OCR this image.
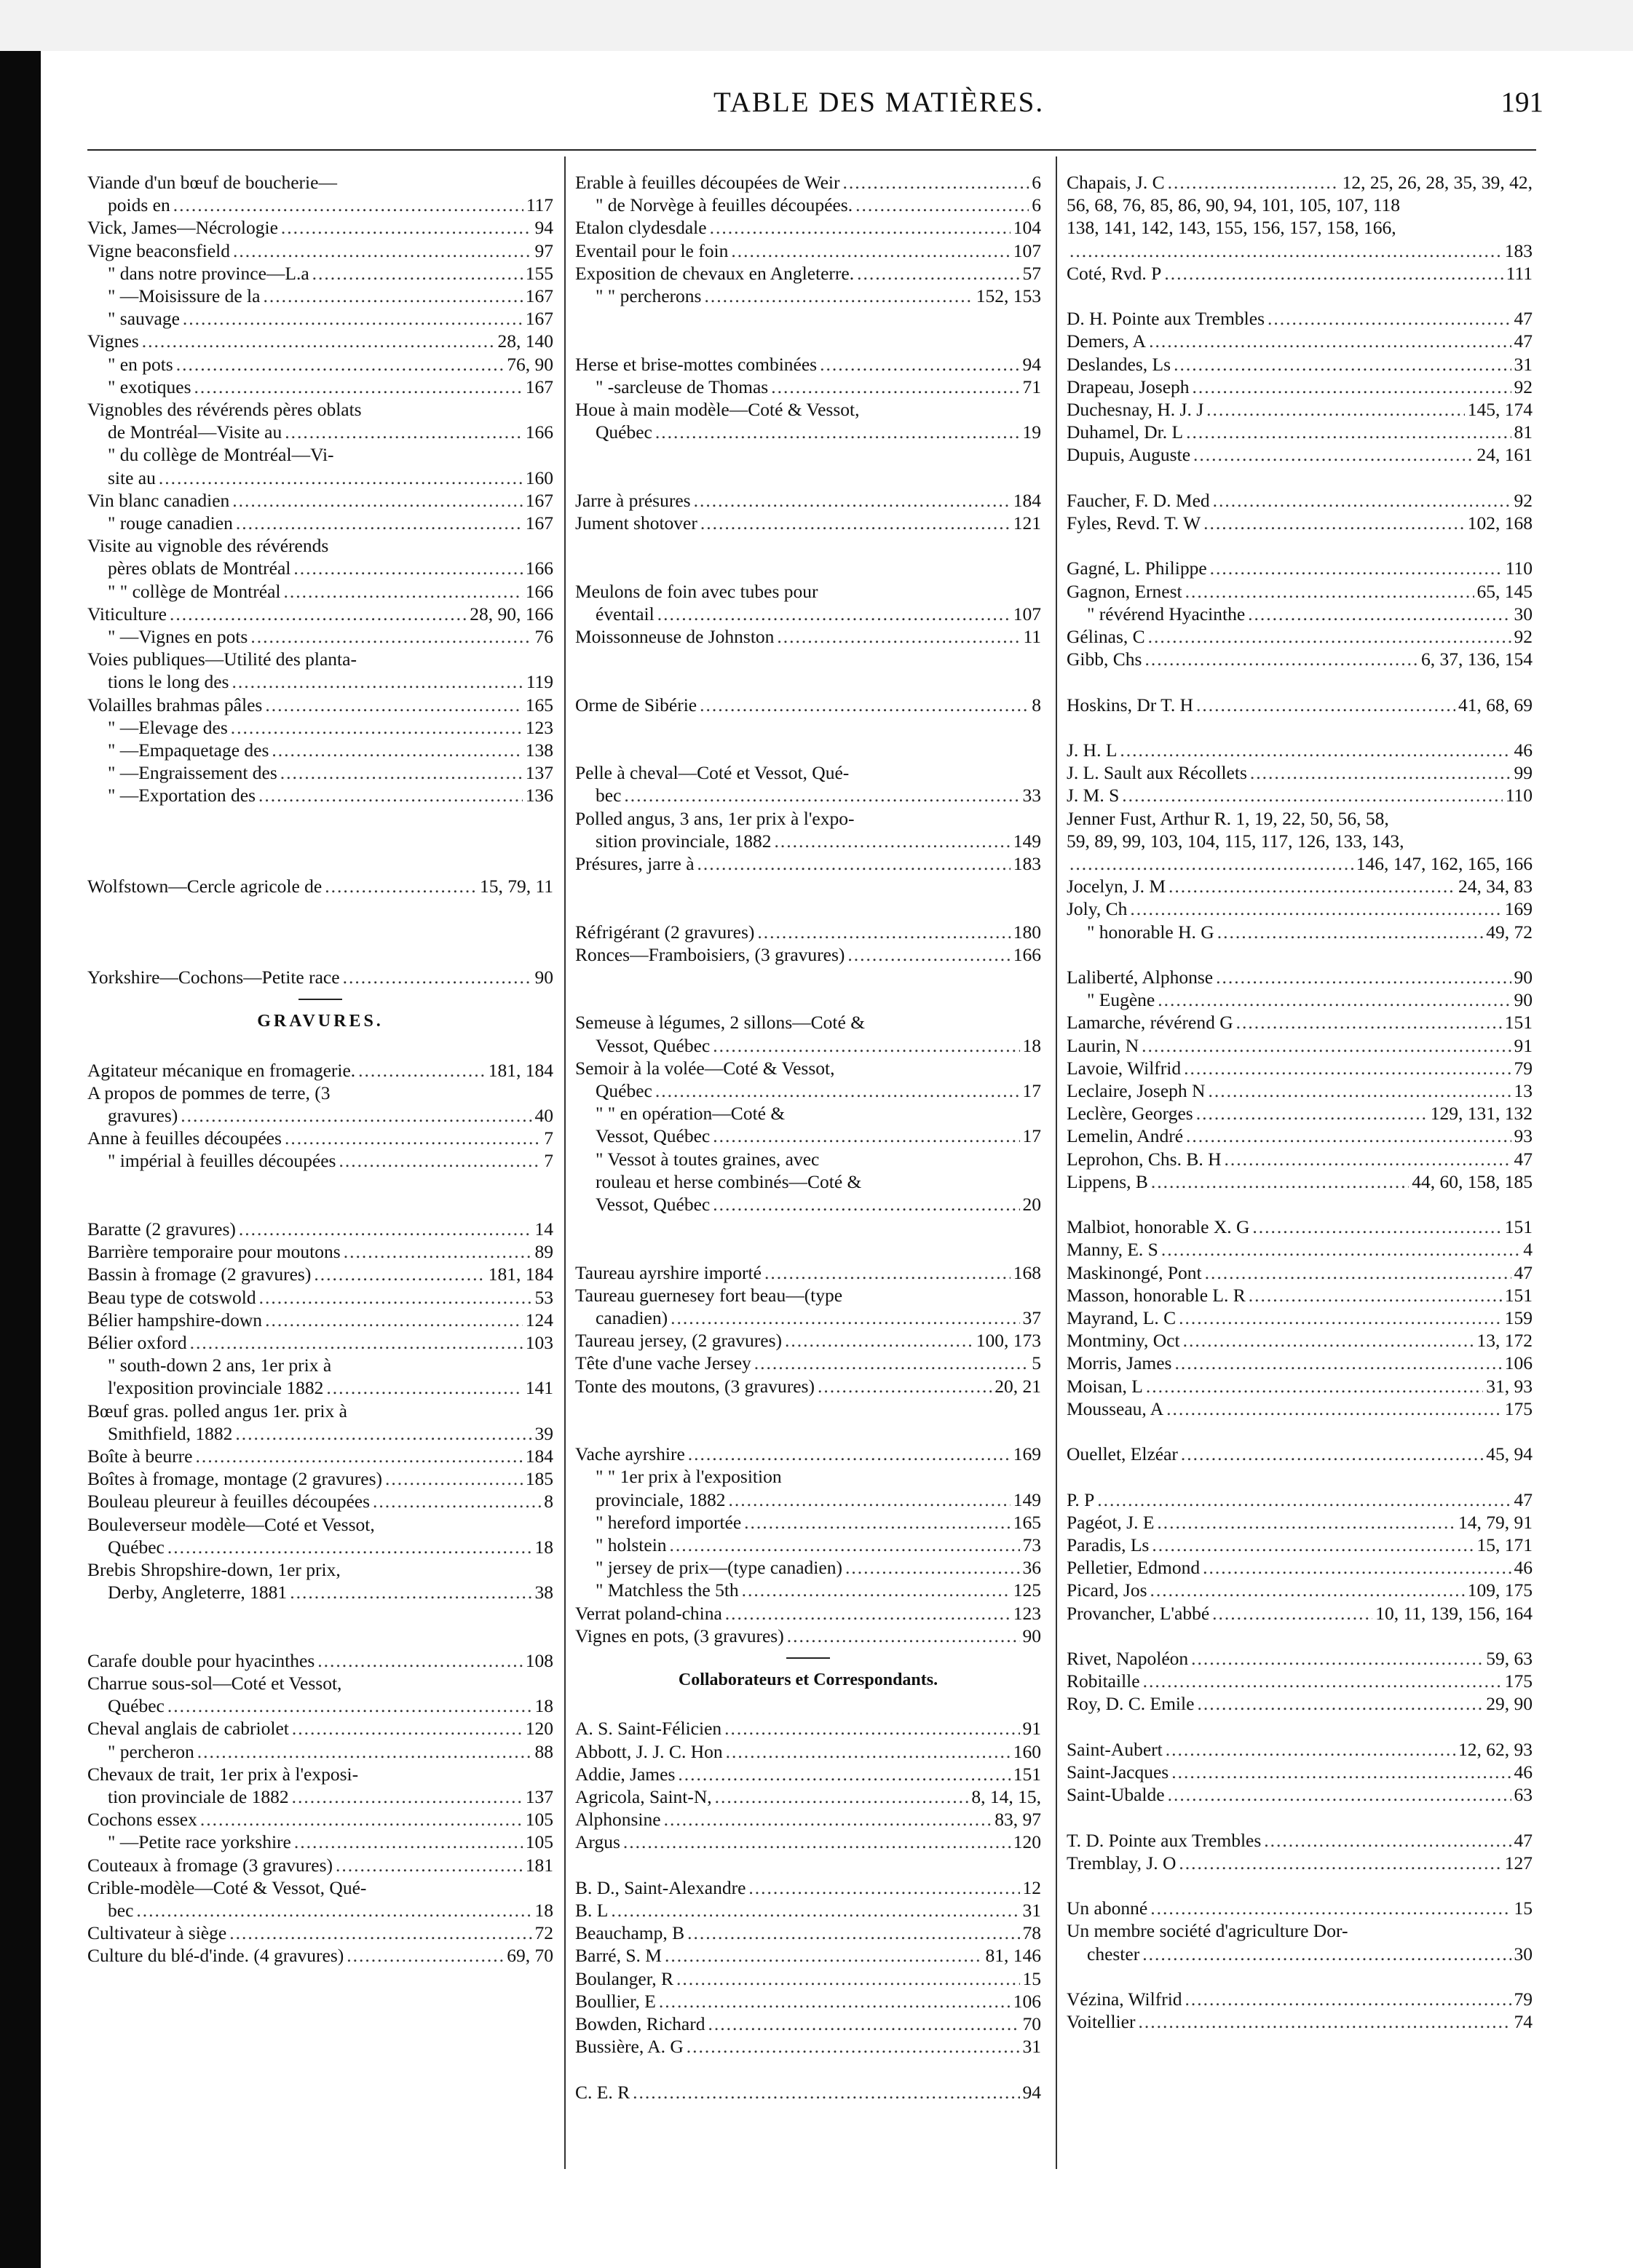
TABLE DES MATIÈRES.	191
Viande d'un bœuf de boucherie—
poids en .....	117
Vick, James—Nécrologie .....	94
Vigne beaconsfield .....	97
" dans notre province—L.a .....	155
" —Moisissure de la .....	167
" sauvage .....	167
Vignes .....	28, 140
" en pots .....	76, 90
" exotiques .....	167
Vignobles des révérends pères oblats
de Montréal—Visite au .....	166
" du collège de Montréal—Vi-
site au .....	160
Vin blanc canadien .....	167
" rouge canadien .....	167
Visite au vignoble des révérends
pères oblats de Montréal .....	166
" " collège de Montréal .....	166
Viticulture .....	28, 90, 166
" —Vignes en pots .....	76
Voies publiques—Utilité des planta-
tions le long des .....	119
Volailles brahmas pâles .....	165
" —Elevage des .....	123
" —Empaquetage des .....	138
" —Engraissement des .....	137
" —Exportation des .....	136
Wolfstown—Cercle agricole de .....	15, 79, 11
Yorkshire—Cochons—Petite race .....	90
GRAVURES.
Agitateur mécanique en fromagerie. .....	181, 184
A propos de pommes de terre, (3
gravures) .....	40
Anne à feuilles découpées .....	7
" impérial à feuilles découpées .....	7
Baratte (2 gravures) .....	14
Barrière temporaire pour moutons .....	89
Bassin à fromage (2 gravures) .....	181, 184
Beau type de cotswold .....	53
Bélier hampshire-down .....	124
Bélier oxford .....	103
" south-down 2 ans, 1er prix à
l'exposition provinciale 1882 .....	141
Bœuf gras. polled angus 1er. prix à
Smithfield, 1882 .....	39
Boîte à beurre .....	184
Boîtes à fromage, montage (2 gravures) .....	185
Bouleau pleureur à feuilles découpées .....	8
Bouleverseur modèle—Coté et Vessot,
Québec .....	18
Brebis Shropshire-down, 1er prix,
Derby, Angleterre, 1881 .....	38
Carafe double pour hyacinthes .....	108
Charrue sous-sol—Coté et Vessot,
Québec .....	18
Cheval anglais de cabriolet .....	120
" percheron .....	88
Chevaux de trait, 1er prix à l'exposi-
tion provinciale de 1882 .....	137
Cochons essex .....	105
" —Petite race yorkshire .....	105
Couteaux à fromage (3 gravures) .....	181
Crible-modèle—Coté & Vessot, Qué-
bec .....	18
Cultivateur à siège .....	72
Culture du blé-d'inde. (4 gravures) .....	69, 70
Erable à feuilles découpées de Weir .....	6
" de Norvège à feuilles découpées. .....	6
Etalon clydesdale .....	104
Eventail pour le foin .....	107
Exposition de chevaux en Angleterre. .....	57
" " percherons .....	152, 153
Herse et brise-mottes combinées .....	94
" -sarcleuse de Thomas .....	71
Houe à main modèle—Coté & Vessot,
Québec .....	19
Jarre à présures .....	184
Jument shotover .....	121
Meulons de foin avec tubes pour
éventail .....	107
Moissonneuse de Johnston .....	11
Orme de Sibérie .....	8
Pelle à cheval—Coté et Vessot, Qué-
bec .....	33
Polled angus, 3 ans, 1er prix à l'expo-
sition provinciale, 1882 .....	149
Présures, jarre à .....	183
Réfrigérant (2 gravures) .....	180
Ronces—Framboisiers, (3 gravures) .....	166
Semeuse à légumes, 2 sillons—Coté &
Vessot, Québec .....	18
Semoir à la volée—Coté & Vessot,
Québec .....	17
" " en opération—Coté &
Vessot, Québec .....	17
" Vessot à toutes graines, avec
rouleau et herse combinés—Coté &
Vessot, Québec .....	20
Taureau ayrshire importé .....	168
Taureau guernesey fort beau—(type
canadien) .....	37
Taureau jersey, (2 gravures) .....	100, 173
Tête d'une vache Jersey .....	5
Tonte des moutons, (3 gravures) .....	20, 21
Vache ayrshire .....	169
" " 1er prix à l'exposition
provinciale, 1882 .....	149
" hereford importée .....	165
" holstein .....	73
" jersey de prix—(type canadien) .....	36
" Matchless the 5th .....	125
Verrat poland-china .....	123
Vignes en pots, (3 gravures) .....	90
Collaborateurs et Correspondants.
A. S. Saint-Félicien .....	91
Abbott, J. J. C. Hon .....	160
Addie, James .....	151
Agricola, Saint-N, .....	8, 14, 15,
Alphonsine .....	83, 97
Argus .....	120
B. D., Saint-Alexandre .....	12
B. L .....	31
Beauchamp, B .....	78
Barré, S. M .....	81, 146
Boulanger, R .....	15
Boullier, E .....	106
Bowden, Richard .....	70
Bussière, A. G .....	31
C. E. R .....	94
Chapais, J. C .....	12, 25, 26, 28, 35, 39, 42,
56, 68, 76, 85, 86, 90, 94, 101, 105, 107, 118
138, 141, 142, 143, 155, 156, 157, 158, 166,
.....
183
Coté, Rvd. P .....	111
D. H. Pointe aux Trembles .....	47
Demers, A .....	47
Deslandes, Ls .....	31
Drapeau, Joseph .....	92
Duchesnay, H. J. J .....	145, 174
Duhamel, Dr. L .....	81
Dupuis, Auguste .....	24, 161
Faucher, F. D. Med .....	92
Fyles, Revd. T. W .....	102, 168
Gagné, L. Philippe .....	110
Gagnon, Ernest .....	65, 145
" révérend Hyacinthe .....	30
Gélinas, C .....	92
Gibb, Chs .....	6, 37, 136, 154
Hoskins, Dr T. H .....	41, 68, 69
J. H. L .....	46
J. L. Sault aux Récollets .....	99
J. M. S .....	110
Jenner Fust, Arthur R. 1, 19, 22, 50, 56, 58,
59, 89, 99, 103, 104, 115, 117, 126, 133, 143,
.....
146, 147, 162, 165, 166
Jocelyn, J. M .....	24, 34, 83
Joly, Ch .....	169
" honorable H. G .....	49, 72
Laliberté, Alphonse .....	90
" Eugène .....	90
Lamarche, révérend G .....	151
Laurin, N .....	91
Lavoie, Wilfrid .....	79
Leclaire, Joseph N .....	13
Leclère, Georges .....	129, 131, 132
Lemelin, André .....	93
Leprohon, Chs. B. H .....	47
Lippens, B .....	44, 60, 158, 185
Malbiot, honorable X. G .....	151
Manny, E. S .....	4
Maskinongé, Pont .....	47
Masson, honorable L. R .....	151
Mayrand, L. C .....	159
Montminy, Oct .....	13, 172
Morris, James .....	106
Moisan, L .....	31, 93
Mousseau, A .....	175
Ouellet, Elzéar .....	45, 94
P. P .....	47
Pagéot, J. E .....	14, 79, 91
Paradis, Ls .....	15, 171
Pelletier, Edmond .....	46
Picard, Jos .....	109, 175
Provancher, L'abbé .....	10, 11, 139, 156, 164
Rivet, Napoléon .....	59, 63
Robitaille .....	175
Roy, D. C. Emile .....	29, 90
Saint-Aubert .....	12, 62, 93
Saint-Jacques .....	46
Saint-Ubalde .....	63
T. D. Pointe aux Trembles .....	47
Tremblay, J. O .....	127
Un abonné .....	15
Un membre société d'agriculture Dor-
chester .....	30
Vézina, Wilfrid .....	79
Voitellier .....	74
